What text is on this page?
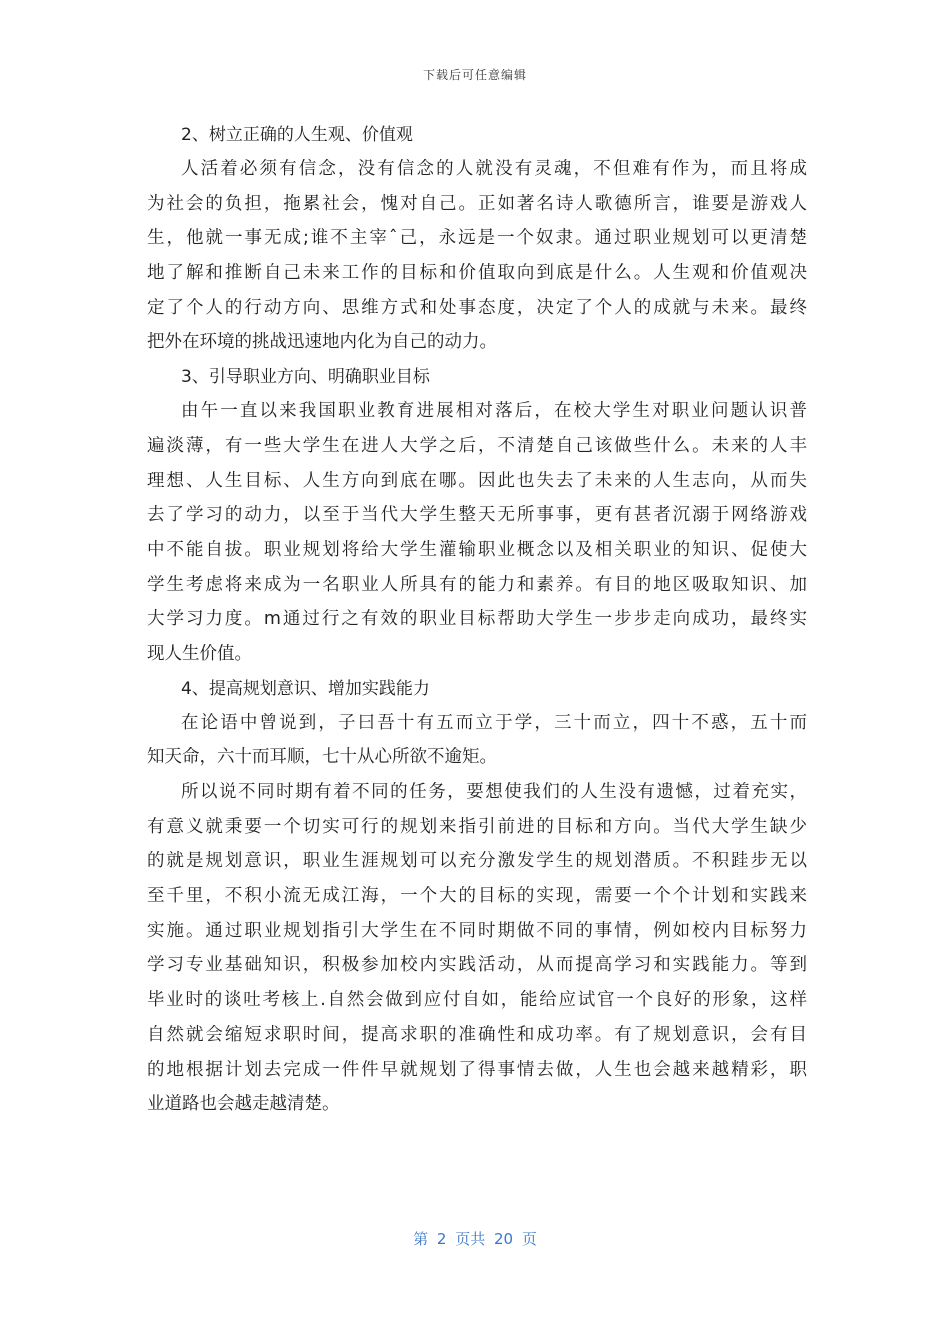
下载后可任意编辑
2、树立正确的人生观、价值观
人活着必须有信念，没有信念的人就没有灵魂，不但难有作为，而且将成
为社会的负担，拖累社会，愧对自己。正如著名诗人歌德所言，谁要是游戏人
生，他就一事无成;谁不主宰ˆ己，永远是一个奴隶。通过职业规划可以更清楚
地了解和推断自己未来工作的目标和价值取向到底是什么。人生观和价值观决
定了个人的行动方向、思维方式和处事态度，决定了个人的成就与未来。最终
把外在环境的挑战迅速地内化为自己的动力。
3、引导职业方向、明确职业目标
由午一直以来我国职业教育进展相对落后，在校大学生对职业问题认识普
遍淡薄，有一些大学生在进人大学之后，不清楚自己该做些什么。未来的人丰
理想、人生目标、人生方向到底在哪。因此也失去了未来的人生志向，从而失
去了学习的动力，以至于当代大学生整天无所事事，更有甚者沉溺于网络游戏
中不能自拔。职业规划将给大学生灌输职业概念以及相关职业的知识、促使大
学生考虑将来成为一名职业人所具有的能力和素养。有目的地区吸取知识、加
大学习力度。m通过行之有效的职业目标帮助大学生一步步走向成功，最终实
现人生价值。
4、提高规划意识、增加实践能力
在论语中曾说到，子曰吾十有五而立于学，三十而立，四十不惑，五十而
知天命，六十而耳顺，七十从心所欲不逾矩。
所以说不同时期有着不同的任务，要想使我们的人生没有遗憾，过着充实，
有意义就秉要一个切实可行的规划来指引前进的目标和方向。当代大学生缺少
的就是规划意识，职业生涯规划可以充分激发学生的规划潜质。不积跬步无以
至千里，不积小流无成江海，一个大的目标的实现，需要一个个计划和实践来
实施。通过职业规划指引大学生在不同时期做不同的事情，例如校内目标努力
学习专业基础知识，积极参加校内实践活动，从而提高学习和实践能力。等到
毕业时的谈吐考核上.自然会做到应付自如，能给应试官一个良好的形象，这样
自然就会缩短求职时间，提高求职的准确性和成功率。有了规划意识，会有目
的地根据计划去完成一件件早就规划了得事情去做，人生也会越来越精彩，职
业道路也会越走越清楚。
第 2 页共 20 页
